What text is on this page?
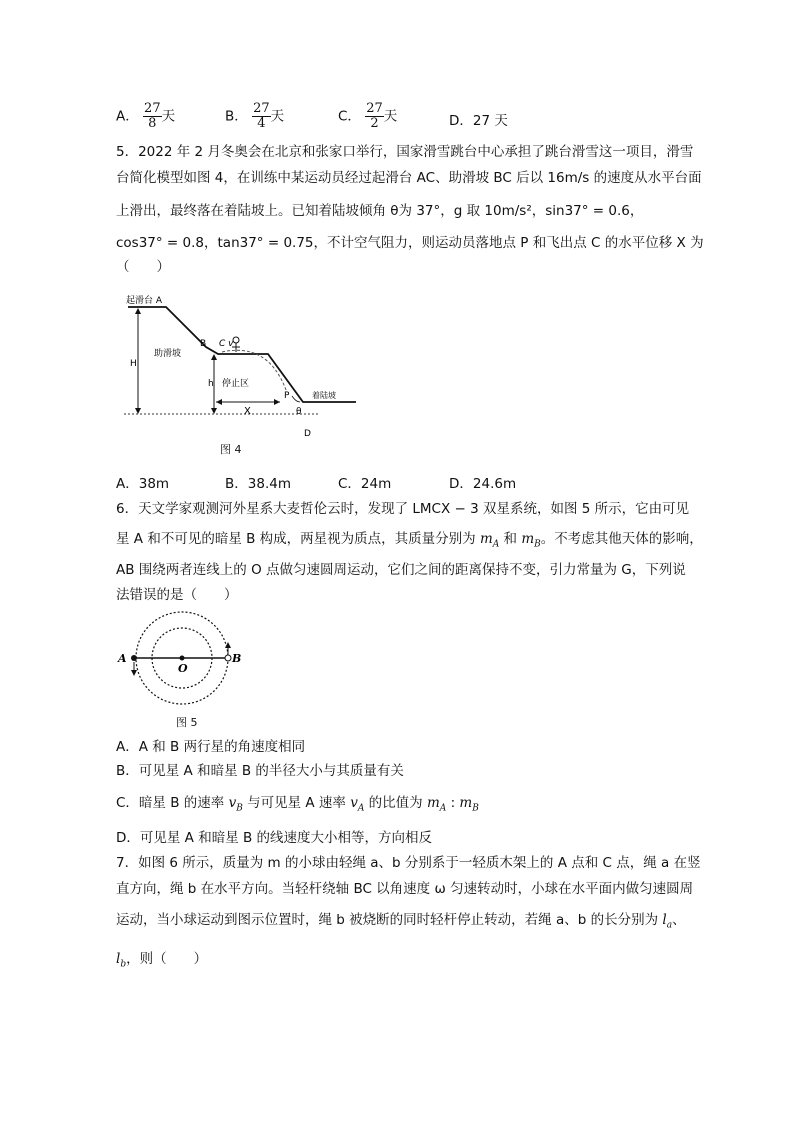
A． $\frac{27}{8}$ 天	B． $\frac{27}{4}$ 天	C． $\frac{27}{2}$ 天	D．27 天
5．2022 年 2 月冬奥会在北京和张家口举行，国家滑雪跳台中心承担了跳台滑雪这一项目，滑雪
台简化模型如图 4，在训练中某运动员经过起滑台 AC、助滑坡 BC 后以 16m/s 的速度从水平台面
上滑出，最终落在着陆坡上。已知着陆坡倾角 θ为 37°，g 取 10m/s²，sin37° = 0.6，
cos37° = 0.8，tan37° = 0.75，不计空气阻力，则运动员落地点 P 和飞出点 C 的水平位移 X 为
（　　）
起滑台 A
B C v
助滑坡
H
h 停止区
P
X	θ
着陆坡
D
图 4
A．38m	B．38.4m	C．24m	D．24.6m
6．天文学家观测河外星系大麦哲伦云时，发现了 LMCX − 3 双星系统，如图 5 所示，它由可见
星 A 和不可见的暗星 B 构成，两星视为质点，其质量分别为 $m_A$ 和 $m_B$。不考虑其他天体的影响，
AB 围绕两者连线上的 O 点做匀速圆周运动，它们之间的距离保持不变，引力常量为 G，下列说
法错误的是（　　）
A
O
B
图 5
A．A 和 B 两行星的角速度相同
B．可见星 A 和暗星 B 的半径大小与其质量有关
C．暗星 B 的速率 $v_B$ 与可见星 A 速率 $v_A$ 的比值为 $m_A$ : $m_B$
D．可见星 A 和暗星 B 的线速度大小相等，方向相反
7．如图 6 所示，质量为 m 的小球由轻绳 a、b 分别系于一轻质木架上的 A 点和 C 点，绳 a 在竖
直方向，绳 b 在水平方向。当轻杆绕轴 BC 以角速度 ω 匀速转动时，小球在水平面内做匀速圆周
运动，当小球运动到图示位置时，绳 b 被烧断的同时轻杆停止转动，若绳 a、b 的长分别为 $l_a$、
$l_b$，则（　　）
